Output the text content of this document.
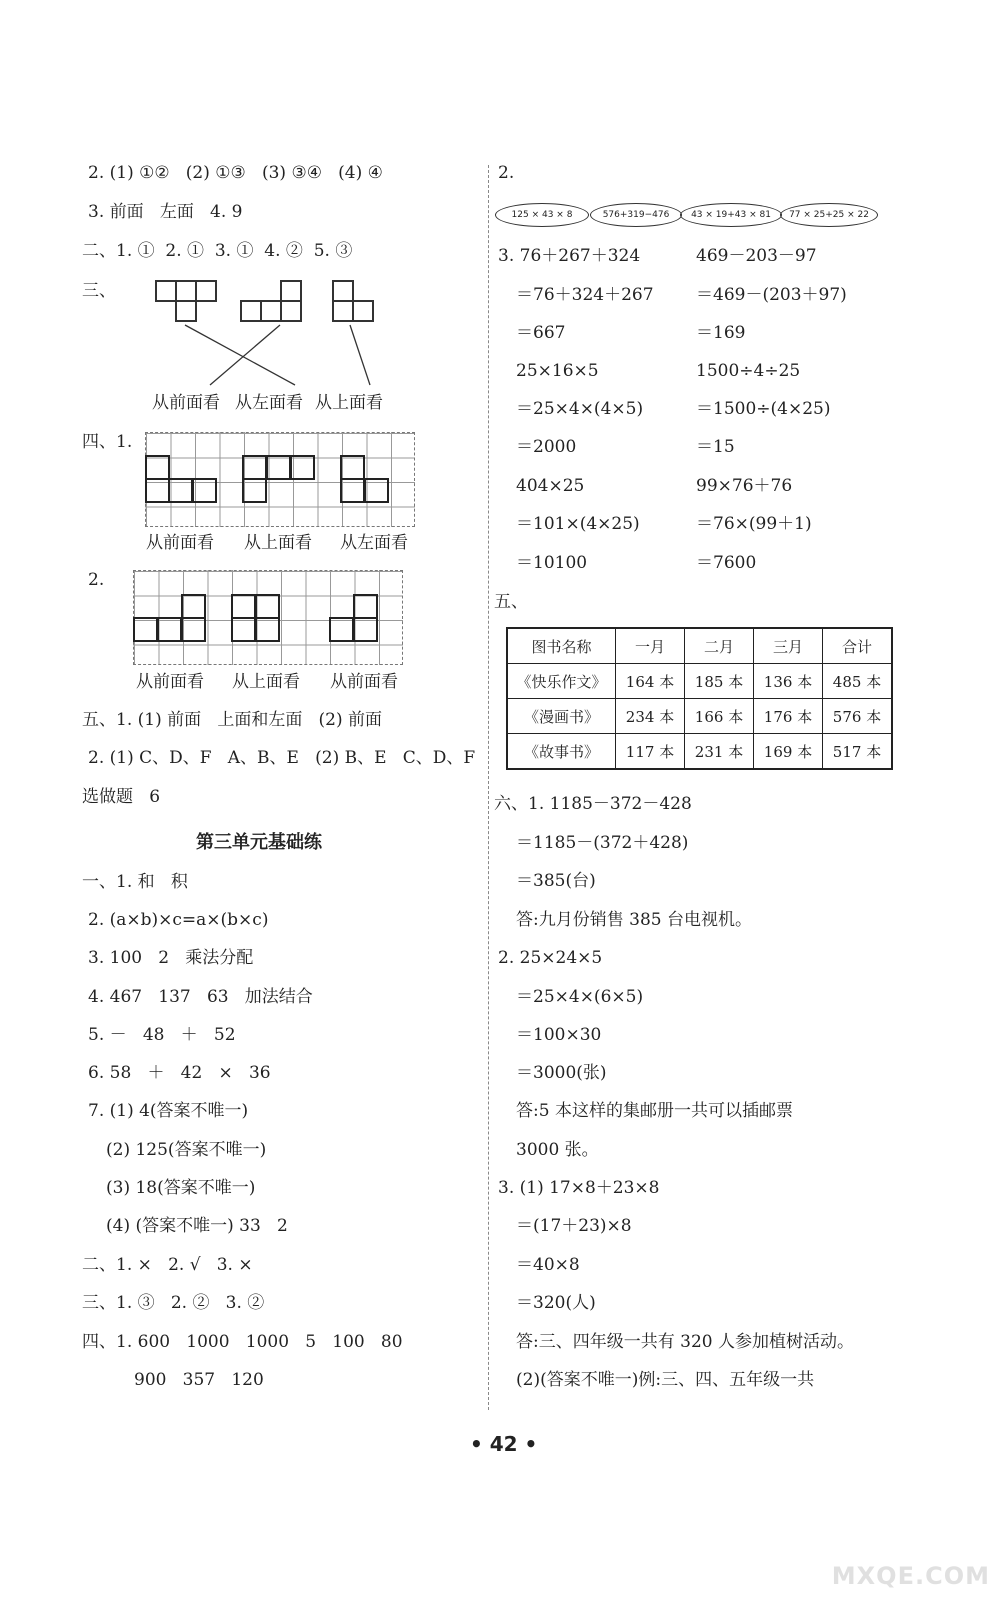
2. (1) ①②   (2) ①③   (3) ③④   (4) ④
3. 前面   左面   4. 9
二、1. ①  2. ①  3. ①  4. ②  5. ③
三、
从前面看 从左面看 从上面看
四、1.
从前面看 从上面看 从左面看
2.
从前面看 从上面看 从前面看
五、1. (1) 前面   上面和左面   (2) 前面
2. (1) C、D、F   A、B、E   (2) B、E   C、D、F
选做题   6
第三单元基础练
一、1. 和   积
2. (a×b)×c=a×(b×c)
3. 100   2   乘法分配
4. 467   137   63   加法结合
5. －   48   ＋   52
6. 58   ＋   42   ×   36
7. (1) 4(答案不唯一)
(2) 125(答案不唯一)
(3) 18(答案不唯一)
(4) (答案不唯一) 33   2
二、1. ×   2. √   3. ×
三、1. ③   2. ②   3. ②
四、1. 600   1000   1000   5   100   80
900   357   120
2.
125 × 43 × 8	576+319−476	43 × 19+43 × 81	77 × 25+25 × 22
3. 76＋267＋324	469－203－97
＝76＋324＋267 ＝469－(203＋97)
＝667	＝169
25×16×5	1500÷4÷25
＝25×4×(4×5)	＝1500÷(4×25)
＝2000	＝15
404×25	99×76＋76
＝101×(4×25)	＝76×(99＋1)
＝10100	＝7600
五、
图书名称	一月	二月	三月	合计
《快乐作文》	164 本	185 本	136 本	485 本
《漫画书》	234 本	166 本	176 本	576 本
《故事书》	117 本	231 本	169 本	517 本
六、1. 1185－372－428
＝1185－(372＋428)
＝385(台)
答:九月份销售 385 台电视机。
2. 25×24×5
＝25×4×(6×5)
＝100×30
＝3000(张)
答:5 本这样的集邮册一共可以插邮票
3000 张。
3. (1) 17×8＋23×8
＝(17＋23)×8
＝40×8
＝320(人)
答:三、四年级一共有 320 人参加植树活动。
(2)(答案不唯一)例:三、四、五年级一共
• 42 •
MXQE.COM
